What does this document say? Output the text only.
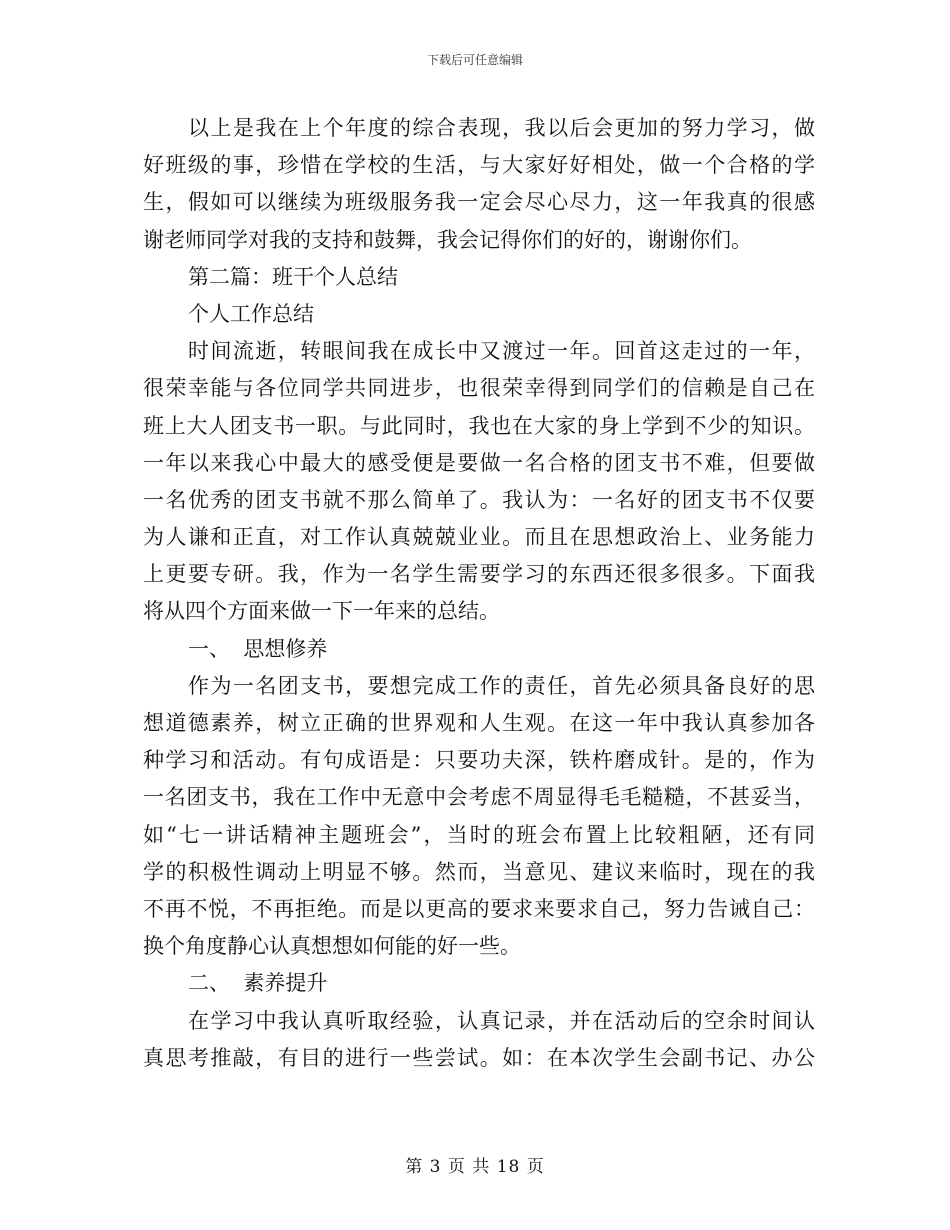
下载后可任意编辑
以上是我在上个年度的综合表现，我以后会更加的努力学习，做
好班级的事，珍惜在学校的生活，与大家好好相处，做一个合格的学
生，假如可以继续为班级服务我一定会尽心尽力，这一年我真的很感
谢老师同学对我的支持和鼓舞，我会记得你们的好的，谢谢你们。
第二篇：班干个人总结
个人工作总结
时间流逝，转眼间我在成长中又渡过一年。回首这走过的一年，
很荣幸能与各位同学共同进步，也很荣幸得到同学们的信赖是自己在
班上大人团支书一职。与此同时，我也在大家的身上学到不少的知识。
一年以来我心中最大的感受便是要做一名合格的团支书不难，但要做
一名优秀的团支书就不那么简单了。我认为：一名好的团支书不仅要
为人谦和正直，对工作认真兢兢业业。而且在思想政治上、业务能力
上更要专研。我，作为一名学生需要学习的东西还很多很多。下面我
将从四个方面来做一下一年来的总结。
一、  思想修养
作为一名团支书，要想完成工作的责任，首先必须具备良好的思
想道德素养，树立正确的世界观和人生观。在这一年中我认真参加各
种学习和活动。有句成语是：只要功夫深，铁杵磨成针。是的，作为
一名团支书，我在工作中无意中会考虑不周显得毛毛糙糙，不甚妥当，
如“七一讲话精神主题班会”，当时的班会布置上比较粗陋，还有同
学的积极性调动上明显不够。然而，当意见、建议来临时，现在的我
不再不悦，不再拒绝。而是以更高的要求来要求自己，努力告诫自己：
换个角度静心认真想想如何能的好一些。
二、  素养提升
在学习中我认真听取经验，认真记录，并在活动后的空余时间认
真思考推敲，有目的进行一些尝试。如：在本次学生会副书记、办公
第 3 页 共 18 页
